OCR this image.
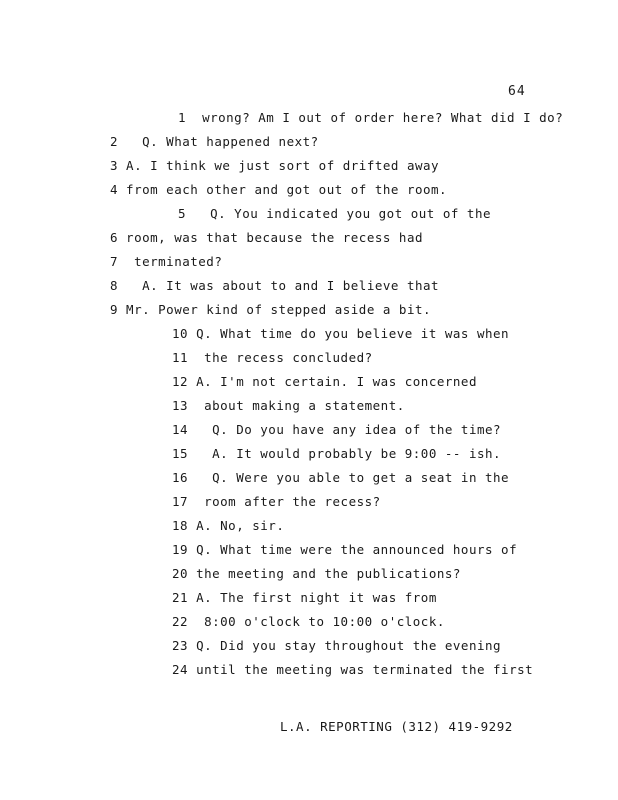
64
1  wrong? Am I out of order here? What did I do?
2   Q. What happened next?
3 A. I think we just sort of drifted away
4 from each other and got out of the room.
5   Q. You indicated you got out of the
6 room, was that because the recess had
7  terminated?
8   A. It was about to and I believe that
9 Mr. Power kind of stepped aside a bit.
10 Q. What time do you believe it was when
11  the recess concluded?
12 A. I'm not certain. I was concerned
13  about making a statement.
14   Q. Do you have any idea of the time?
15   A. It would probably be 9:00 -- ish.
16   Q. Were you able to get a seat in the
17  room after the recess?
18 A. No, sir.
19 Q. What time were the announced hours of
20 the meeting and the publications?
21 A. The first night it was from
22  8:00 o'clock to 10:00 o'clock.
23 Q. Did you stay throughout the evening
24 until the meeting was terminated the first
L.A. REPORTING (312) 419-9292
